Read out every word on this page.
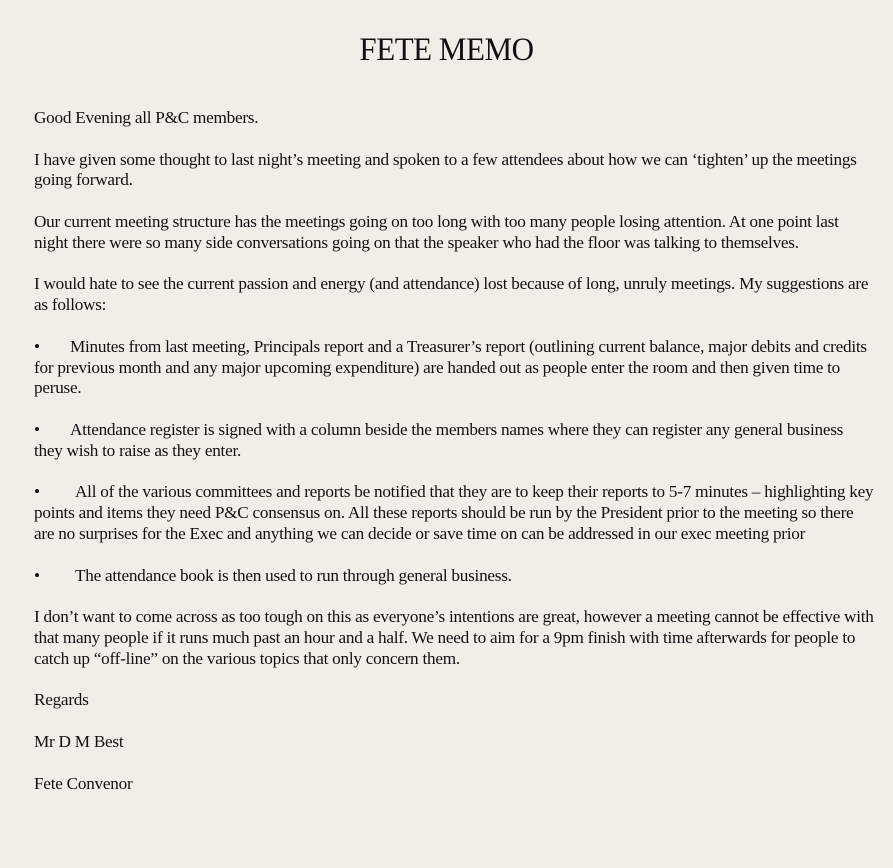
FETE MEMO

Good Evening all P&C members.

I have given some thought to last night’s meeting and spoken to a few attendees about how we can ‘tighten’ up the meetings going forward.

Our current meeting structure has the meetings going on too long with too many people losing attention. At one point last night there were so many side conversations going on that the speaker who had the floor was talking to themselves.

I would hate to see the current passion and energy (and attendance) lost because of long, unruly meetings. My suggestions are as follows:

• Minutes from last meeting, Principals report and a Treasurer’s report (outlining current balance, major debits and credits for previous month and any major upcoming expenditure) are handed out as people enter the room and then given time to peruse.

• Attendance register is signed with a column beside the members names where they can register any general business they wish to raise as they enter.

• All of the various committees and reports be notified that they are to keep their reports to 5-7 minutes – highlighting key points and items they need P&C consensus on. All these reports should be run by the President prior to the meeting so there are no surprises for the Exec and anything we can decide or save time on can be addressed in our exec meeting prior

• The attendance book is then used to run through general business.

I don’t want to come across as too tough on this as everyone’s intentions are great, however a meeting cannot be effective with that many people if it runs much past an hour and a half. We need to aim for a 9pm finish with time afterwards for people to catch up “off-line” on the various topics that only concern them.

Regards

Mr D M Best

Fete Convenor
